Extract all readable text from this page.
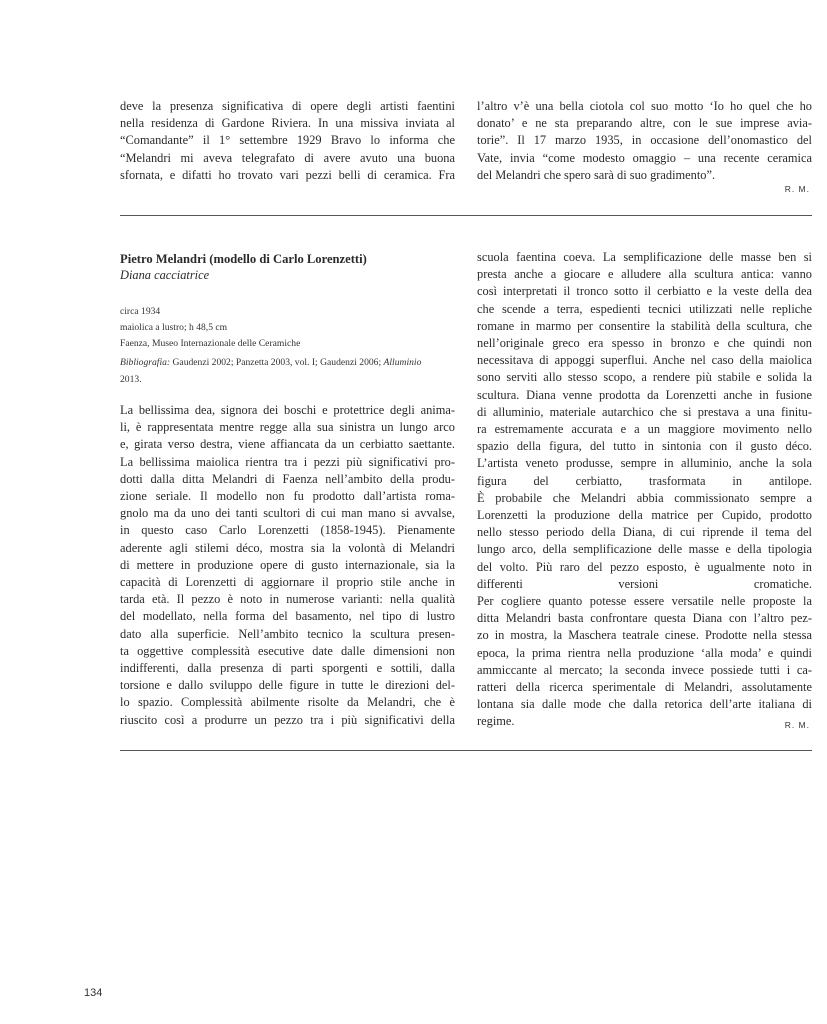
deve la presenza significativa di opere degli artisti faentini
nella residenza di Gardone Riviera. In una missiva inviata al
“Comandante” il 1° settembre 1929 Bravo lo informa che
“Melandri mi aveva telegrafato di avere avuto una buona
sfornata, e difatti ho trovato vari pezzi belli di ceramica. Fra
l’altro v’è una bella ciotola col suo motto ‘Io ho quel che ho
donato’ e ne sta preparando altre, con le sue imprese avia-
torie”. Il 17 marzo 1935, in occasione dell’onomastico del
Vate, invia “come modesto omaggio – una recente ceramica
del Melandri che spero sarà di suo gradimento”.
R. M.
Pietro Melandri (modello di Carlo Lorenzetti)
Diana cacciatrice
circa 1934
maiolica a lustro; h 48,5 cm
Faenza, Museo Internazionale delle Ceramiche
Bibliografia: Gaudenzi 2002; Panzetta 2003, vol. I; Gaudenzi 2006; Alluminio
2013.
La bellissima dea, signora dei boschi e protettrice degli anima-
li, è rappresentata mentre regge alla sua sinistra un lungo arco
e, girata verso destra, viene affiancata da un cerbiatto saettante.
La bellissima maiolica rientra tra i pezzi più significativi pro-
dotti dalla ditta Melandri di Faenza nell’ambito della produ-
zione seriale. Il modello non fu prodotto dall’artista roma-
gnolo ma da uno dei tanti scultori di cui man mano si avvalse,
in questo caso Carlo Lorenzetti (1858-1945). Pienamente
aderente agli stilemi déco, mostra sia la volontà di Melandri
di mettere in produzione opere di gusto internazionale, sia la
capacità di Lorenzetti di aggiornare il proprio stile anche in
tarda età. Il pezzo è noto in numerose varianti: nella qualità
del modellato, nella forma del basamento, nel tipo di lustro
dato alla superficie. Nell’ambito tecnico la scultura presen-
ta oggettive complessità esecutive date dalle dimensioni non
indifferenti, dalla presenza di parti sporgenti e sottili, dalla
torsione e dallo sviluppo delle figure in tutte le direzioni del-
lo spazio. Complessità abilmente risolte da Melandri, che è
riuscito così a produrre un pezzo tra i più significativi della
scuola faentina coeva. La semplificazione delle masse ben si
presta anche a giocare e alludere alla scultura antica: vanno
così interpretati il tronco sotto il cerbiatto e la veste della dea
che scende a terra, espedienti tecnici utilizzati nelle repliche
romane in marmo per consentire la stabilità della scultura, che
nell’originale greco era spesso in bronzo e che quindi non
necessitava di appoggi superflui. Anche nel caso della maiolica
sono serviti allo stesso scopo, a rendere più stabile e solida la
scultura. Diana venne prodotta da Lorenzetti anche in fusione
di alluminio, materiale autarchico che si prestava a una finitu-
ra estremamente accurata e a un maggiore movimento nello
spazio della figura, del tutto in sintonia con il gusto déco.
L’artista veneto produsse, sempre in alluminio, anche la sola
figura del cerbiatto, trasformata in antilope.
È probabile che Melandri abbia commissionato sempre a
Lorenzetti la produzione della matrice per Cupido, prodotto
nello stesso periodo della Diana, di cui riprende il tema del
lungo arco, della semplificazione delle masse e della tipologia
del volto. Più raro del pezzo esposto, è ugualmente noto in
differenti versioni cromatiche.
Per cogliere quanto potesse essere versatile nelle proposte la
ditta Melandri basta confrontare questa Diana con l’altro pez-
zo in mostra, la Maschera teatrale cinese. Prodotte nella stessa
epoca, la prima rientra nella produzione ‘alla moda’ e quindi
ammiccante al mercato; la seconda invece possiede tutti i ca-
ratteri della ricerca sperimentale di Melandri, assolutamente
lontana sia dalle mode che dalla retorica dell’arte italiana di
regime.	R. M.
134
